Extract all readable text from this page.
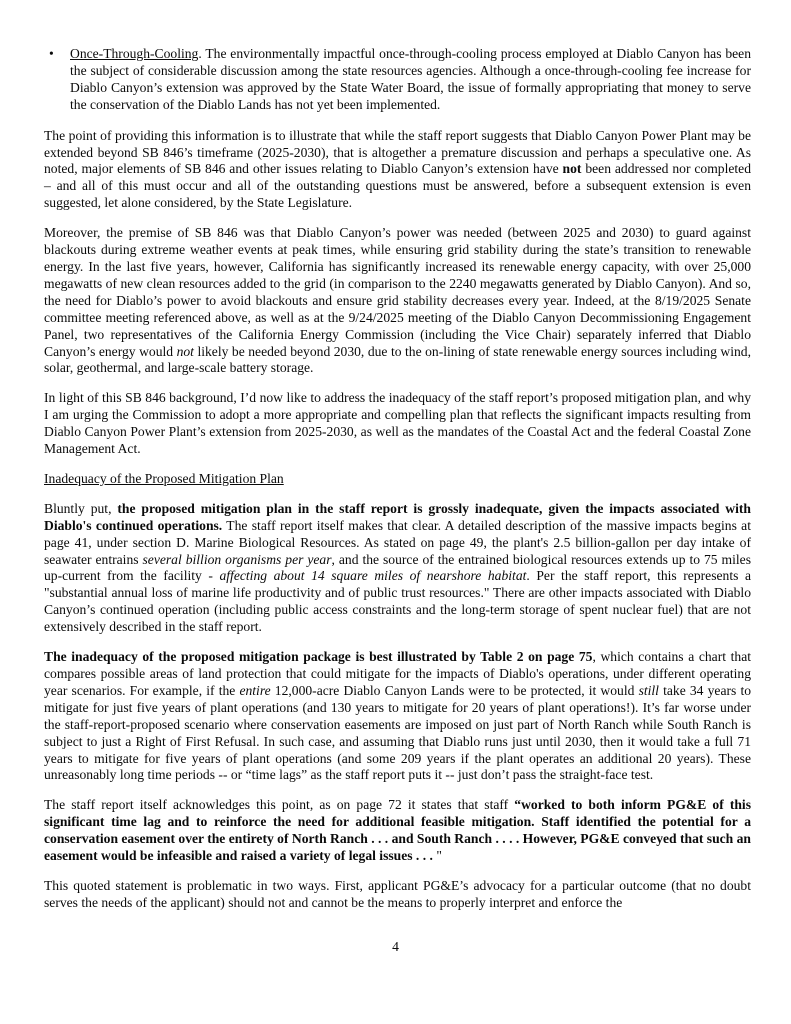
• Once-Through-Cooling. The environmentally impactful once-through-cooling process employed at Diablo Canyon has been the subject of considerable discussion among the state resources agencies. Although a once-through-cooling fee increase for Diablo Canyon’s extension was approved by the State Water Board, the issue of formally appropriating that money to serve the conservation of the Diablo Lands has not yet been implemented.

The point of providing this information is to illustrate that while the staff report suggests that Diablo Canyon Power Plant may be extended beyond SB 846’s timeframe (2025-2030), that is altogether a premature discussion and perhaps a speculative one. As noted, major elements of SB 846 and other issues relating to Diablo Canyon’s extension have not been addressed nor completed – and all of this must occur and all of the outstanding questions must be answered, before a subsequent extension is even suggested, let alone considered, by the State Legislature.

Moreover, the premise of SB 846 was that Diablo Canyon’s power was needed (between 2025 and 2030) to guard against blackouts during extreme weather events at peak times, while ensuring grid stability during the state’s transition to renewable energy. In the last five years, however, California has significantly increased its renewable energy capacity, with over 25,000 megawatts of new clean resources added to the grid (in comparison to the 2240 megawatts generated by Diablo Canyon). And so, the need for Diablo’s power to avoid blackouts and ensure grid stability decreases every year. Indeed, at the 8/19/2025 Senate committee meeting referenced above, as well as at the 9/24/2025 meeting of the Diablo Canyon Decommissioning Engagement Panel, two representatives of the California Energy Commission (including the Vice Chair) separately inferred that Diablo Canyon’s energy would not likely be needed beyond 2030, due to the on-lining of state renewable energy sources including wind, solar, geothermal, and large-scale battery storage.

In light of this SB 846 background, I’d now like to address the inadequacy of the staff report’s proposed mitigation plan, and why I am urging the Commission to adopt a more appropriate and compelling plan that reflects the significant impacts resulting from Diablo Canyon Power Plant’s extension from 2025-2030, as well as the mandates of the Coastal Act and the federal Coastal Zone Management Act.

Inadequacy of the Proposed Mitigation Plan

Bluntly put, the proposed mitigation plan in the staff report is grossly inadequate, given the impacts associated with Diablo's continued operations. The staff report itself makes that clear. A detailed description of the massive impacts begins at page 41, under section D. Marine Biological Resources. As stated on page 49, the plant's 2.5 billion-gallon per day intake of seawater entrains several billion organisms per year, and the source of the entrained biological resources extends up to 75 miles up-current from the facility - affecting about 14 square miles of nearshore habitat. Per the staff report, this represents a "substantial annual loss of marine life productivity and of public trust resources." There are other impacts associated with Diablo Canyon’s continued operation (including public access constraints and the long-term storage of spent nuclear fuel) that are not extensively described in the staff report.

The inadequacy of the proposed mitigation package is best illustrated by Table 2 on page 75, which contains a chart that compares possible areas of land protection that could mitigate for the impacts of Diablo's operations, under different operating year scenarios. For example, if the entire 12,000-acre Diablo Canyon Lands were to be protected, it would still take 34 years to mitigate for just five years of plant operations (and 130 years to mitigate for 20 years of plant operations!). It’s far worse under the staff-report-proposed scenario where conservation easements are imposed on just part of North Ranch while South Ranch is subject to just a Right of First Refusal. In such case, and assuming that Diablo runs just until 2030, then it would take a full 71 years to mitigate for five years of plant operations (and some 209 years if the plant operates an additional 20 years). These unreasonably long time periods -- or “time lags” as the staff report puts it -- just don’t pass the straight-face test.

The staff report itself acknowledges this point, as on page 72 it states that staff “worked to both inform PG&E of this significant time lag and to reinforce the need for additional feasible mitigation. Staff identified the potential for a conservation easement over the entirety of North Ranch . . . and South Ranch . . . . However, PG&E conveyed that such an easement would be infeasible and raised a variety of legal issues . . . "

This quoted statement is problematic in two ways. First, applicant PG&E’s advocacy for a particular outcome (that no doubt serves the needs of the applicant) should not and cannot be the means to properly interpret and enforce the

4
